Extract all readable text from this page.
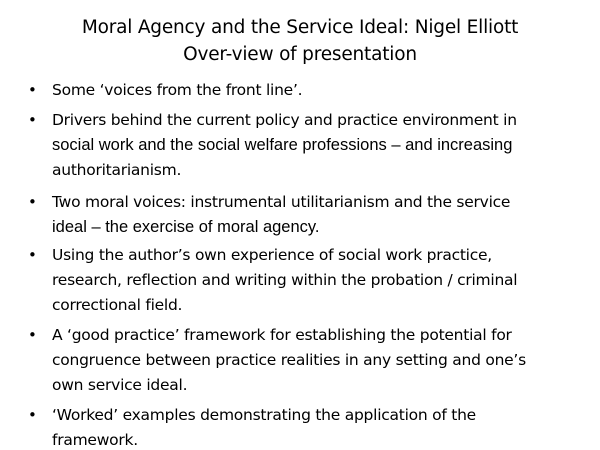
Moral Agency and the Service Ideal: Nigel Elliott
Over-view of presentation
• Some ‘voices from the front line’.
• Drivers behind the current policy and practice environment in
social work and the social welfare professions – and increasing
authoritarianism.
• Two moral voices: instrumental utilitarianism and the service
ideal – the exercise of moral agency.
• Using the author’s own experience of social work practice,
research, reflection and writing within the probation / criminal
correctional field.
• A ‘good practice’ framework for establishing the potential for
congruence between practice realities in any setting and one’s
own service ideal.
• ‘Worked’ examples demonstrating the application of the
framework.
